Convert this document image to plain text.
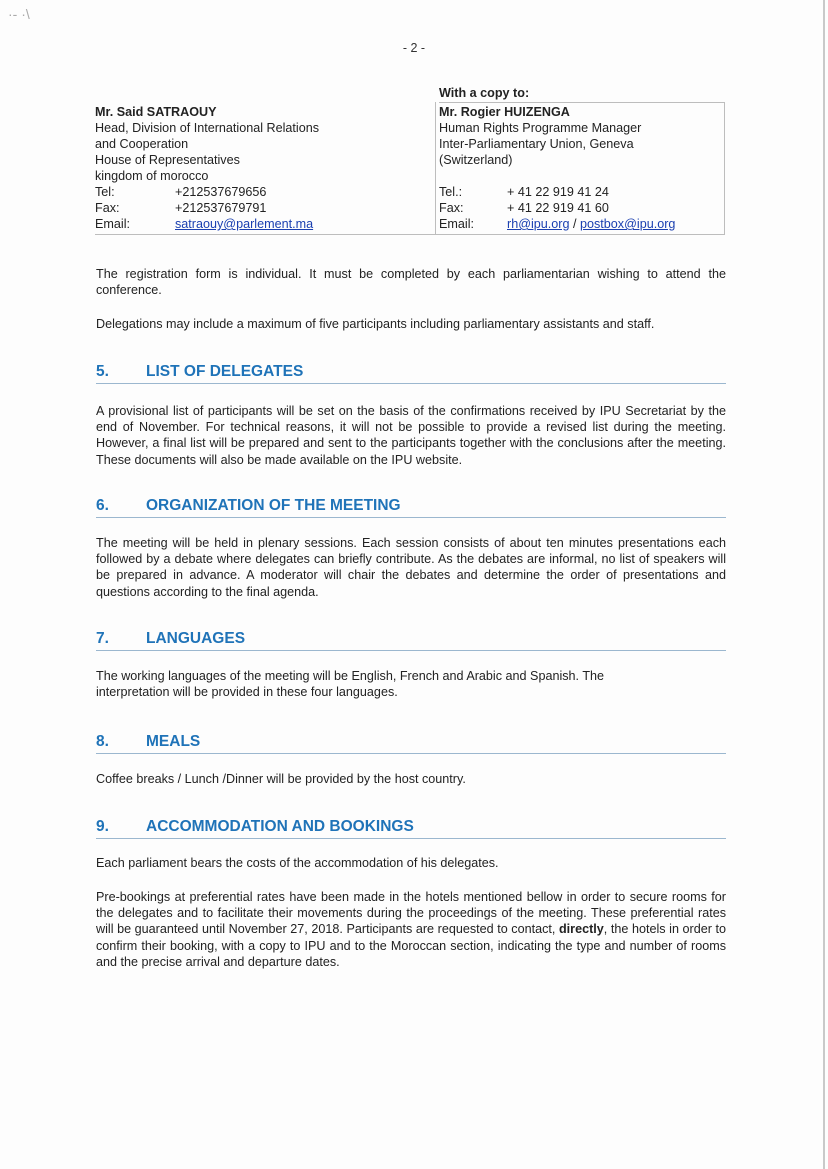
·‑ ·\
- 2 -
With a copy to:
Mr. Said SATRAOUY
Head, Division of International Relations
and Cooperation
House of Representatives
kingdom of morocco
Tel:	+212537679656
Fax:	+212537679791
Email:	satraouy@parlement.ma
Mr. Rogier HUIZENGA
Human Rights Programme Manager
Inter-Parliamentary Union, Geneva
(Switzerland)
Tel.:	+ 41 22 919 41 24
Fax:	+ 41 22 919 41 60
Email:	rh@ipu.org / postbox@ipu.org
The registration form is individual. It must be completed by each parliamentarian wishing to attend the conference.
Delegations may include a maximum of five participants including parliamentary assistants and staff.
5. LIST OF DELEGATES
A provisional list of participants will be set on the basis of the confirmations received by IPU Secretariat by the end of November. For technical reasons, it will not be possible to provide a revised list during the meeting. However, a final list will be prepared and sent to the participants together with the conclusions after the meeting. These documents will also be made available on the IPU website.
6. ORGANIZATION OF THE MEETING
The meeting will be held in plenary sessions. Each session consists of about ten minutes presentations each followed by a debate where delegates can briefly contribute. As the debates are informal, no list of speakers will be prepared in advance. A moderator will chair the debates and determine the order of presentations and questions according to the final agenda.
7. LANGUAGES
The working languages of the meeting will be English, French and Arabic and Spanish. The
interpretation will be provided in these four languages.
8. MEALS
Coffee breaks / Lunch /Dinner will be provided by the host country.
9. ACCOMMODATION AND BOOKINGS
Each parliament bears the costs of the accommodation of his delegates.
Pre-bookings at preferential rates have been made in the hotels mentioned bellow in order to secure rooms for the delegates and to facilitate their movements during the proceedings of the meeting. These preferential rates will be guaranteed until November 27, 2018. Participants are requested to contact, directly, the hotels in order to confirm their booking, with a copy to IPU and to the Moroccan section, indicating the type and number of rooms and the precise arrival and departure dates.
